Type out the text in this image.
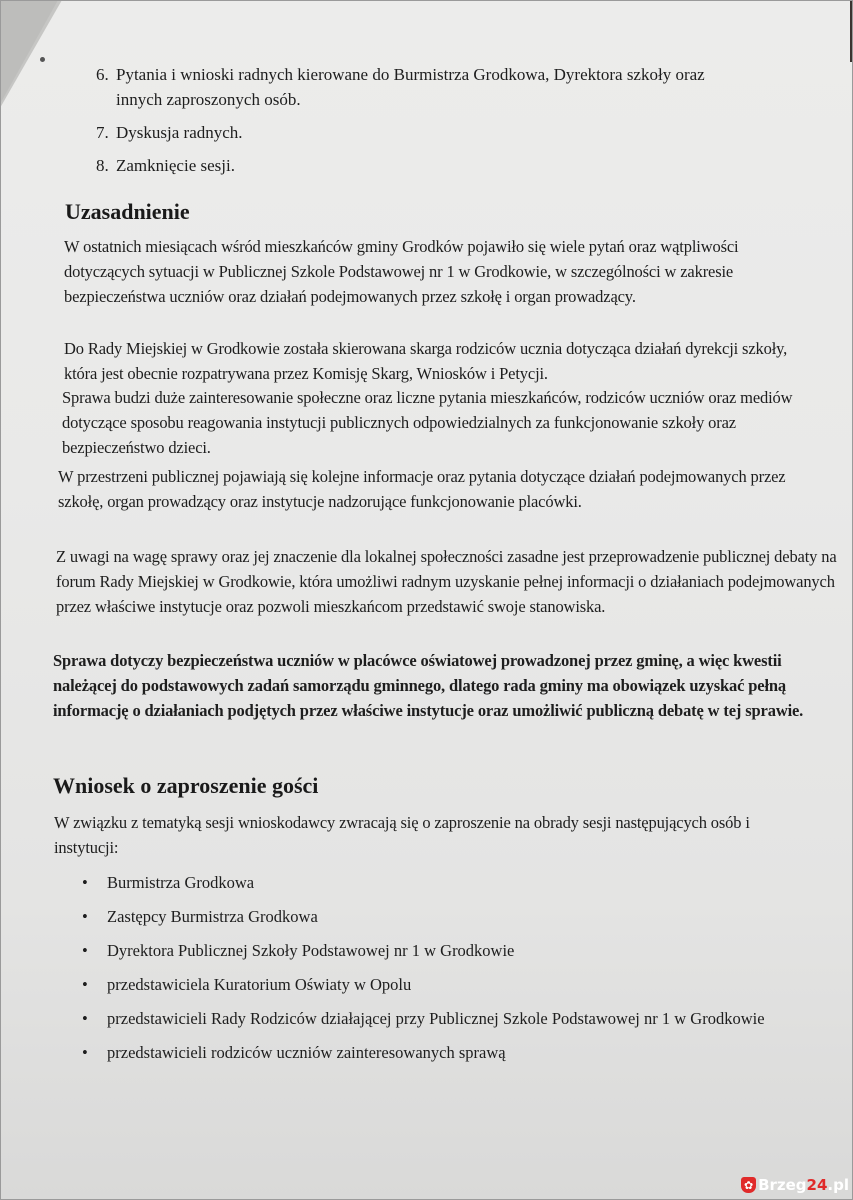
6. Pytania i wnioski radnych kierowane do Burmistrza Grodkowa, Dyrektora szkoły oraz innych zaproszonych osób.
7. Dyskusja radnych.
8. Zamknięcie sesji.
Uzasadnienie
W ostatnich miesiącach wśród mieszkańców gminy Grodków pojawiło się wiele pytań oraz wątpliwości dotyczących sytuacji w Publicznej Szkole Podstawowej nr 1 w Grodkowie, w szczególności w zakresie bezpieczeństwa uczniów oraz działań podejmowanych przez szkołę i organ prowadzący.
Do Rady Miejskiej w Grodkowie została skierowana skarga rodziców ucznia dotycząca działań dyrekcji szkoły, która jest obecnie rozpatrywana przez Komisję Skarg, Wniosków i Petycji.
Sprawa budzi duże zainteresowanie społeczne oraz liczne pytania mieszkańców, rodziców uczniów oraz mediów dotyczące sposobu reagowania instytucji publicznych odpowiedzialnych za funkcjonowanie szkoły oraz bezpieczeństwo dzieci.
W przestrzeni publicznej pojawiają się kolejne informacje oraz pytania dotyczące działań podejmowanych przez szkołę, organ prowadzący oraz instytucje nadzorujące funkcjonowanie placówki.
Z uwagi na wagę sprawy oraz jej znaczenie dla lokalnej społeczności zasadne jest przeprowadzenie publicznej debaty na forum Rady Miejskiej w Grodkowie, która umożliwi radnym uzyskanie pełnej informacji o działaniach podejmowanych przez właściwe instytucje oraz pozwoli mieszkańcom przedstawić swoje stanowiska.
Sprawa dotyczy bezpieczeństwa uczniów w placówce oświatowej prowadzonej przez gminę, a więc kwestii należącej do podstawowych zadań samorządu gminnego, dlatego rada gminy ma obowiązek uzyskać pełną informację o działaniach podjętych przez właściwe instytucje oraz umożliwić publiczną debatę w tej sprawie.
Wniosek o zaproszenie gości
W związku z tematyką sesji wnioskodawcy zwracają się o zaproszenie na obrady sesji następujących osób i instytucji:
•	Burmistrza Grodkowa
•	Zastępcy Burmistrza Grodkowa
•	Dyrektora Publicznej Szkoły Podstawowej nr 1 w Grodkowie
•	przedstawiciela Kuratorium Oświaty w Opolu
•	przedstawicieli Rady Rodziców działającej przy Publicznej Szkole Podstawowej nr 1 w Grodkowie
•	przedstawicieli rodziców uczniów zainteresowanych sprawą
✿ Brzeg24.pl
